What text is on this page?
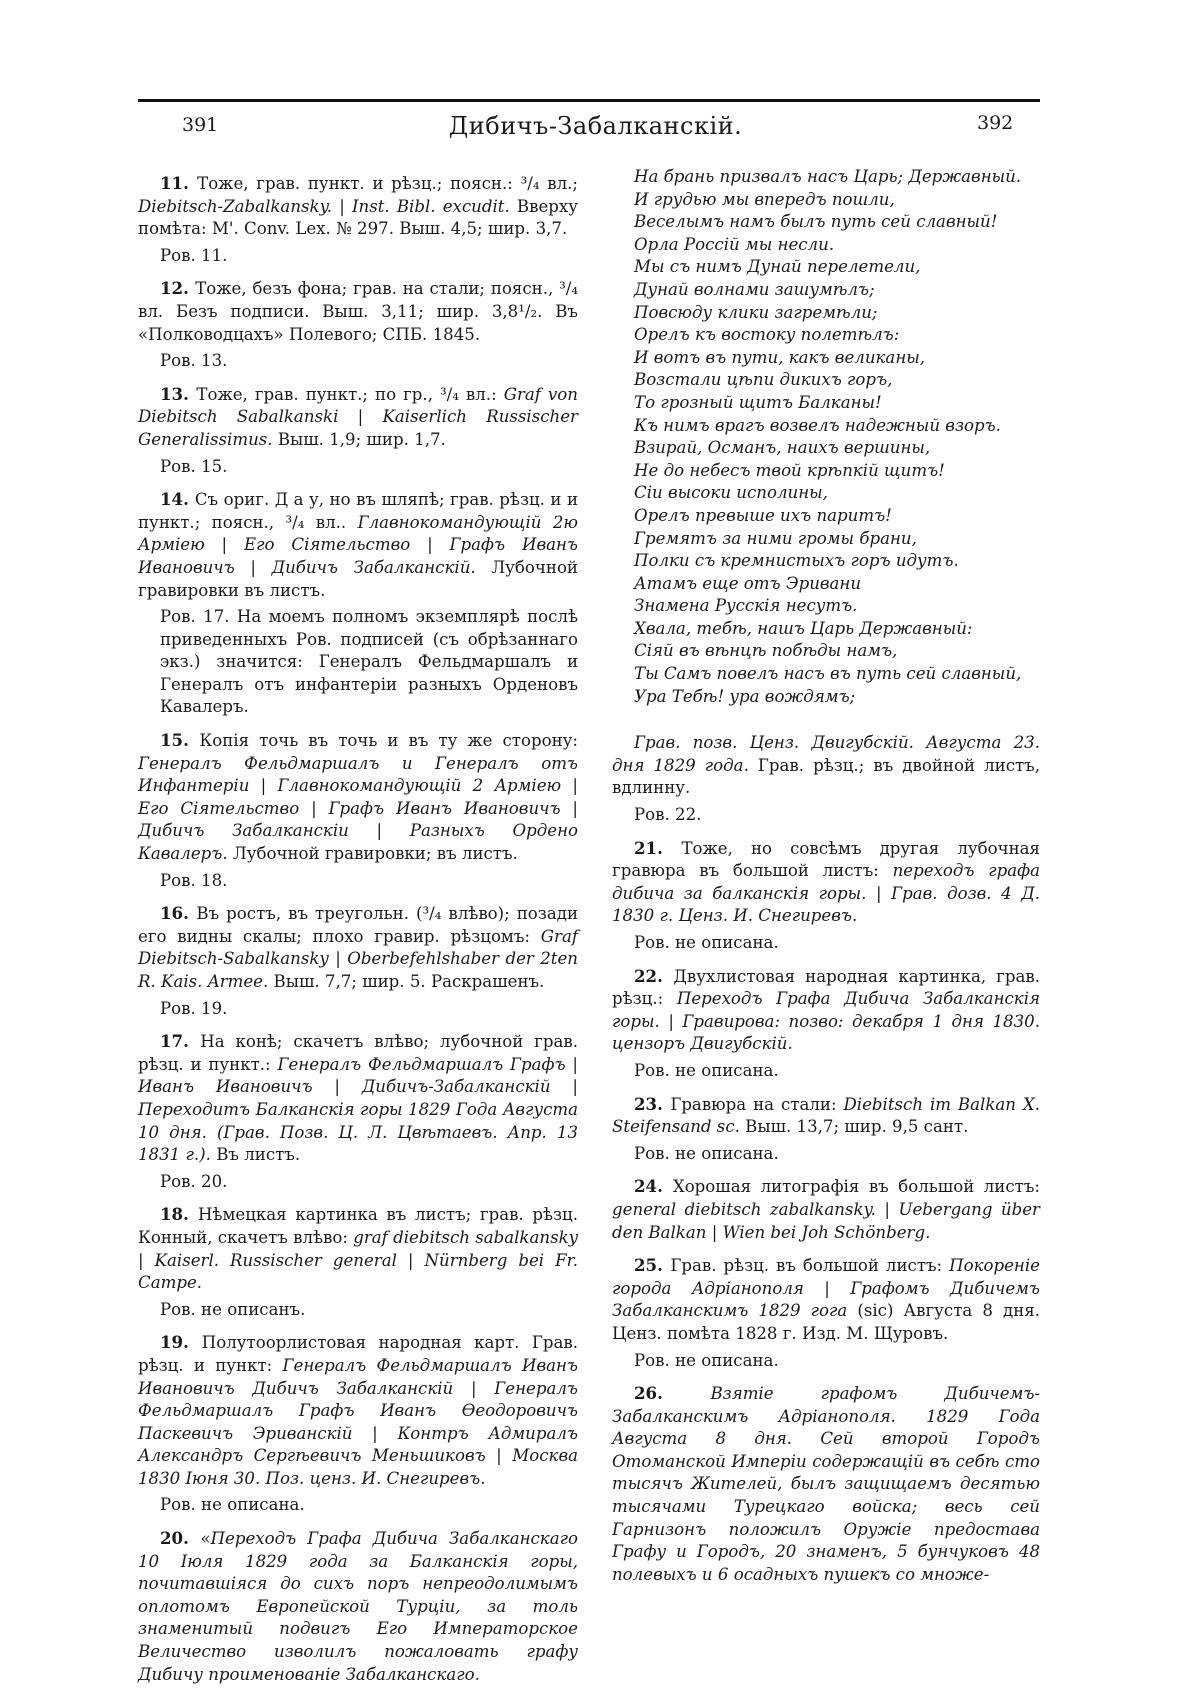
391	Дибичъ-Забалканскій.	392
11. Тоже, грав. пункт. и рѣзц.; поясн.: ³/₄ вл.; Diebitsch-Zabalkansky. | Inst. Bibl. excudit. Вверху помѣта: M'. Conv. Lex. № 297. Выш. 4,5; шир. 3,7.
Ров. 11.
12. Тоже, безъ фона; грав. на стали; поясн., ³/₄ вл. Безъ подписи. Выш. 3,11; шир. 3,8¹/₂. Въ «Полководцахъ» Полевого; СПБ. 1845.
Ров. 13.
13. Тоже, грав. пункт.; по гр., ³/₄ вл.: Graf von Diebitsch Sabalkanski | Kaiserlich Russischer Generalissimus. Выш. 1,9; шир. 1,7.
Ров. 15.
14. Съ ориг. Д а у, но въ шляпѣ; грав. рѣзц. и и пункт.; поясн., ³/₄ вл.. Главнокомандующій 2ю Арміею | Его Сіятельство | Графъ Иванъ Ивановичъ | Дибичъ Забалканскій. Лубочной гравировки въ листъ.
Ров. 17. На моемъ полномъ экземплярѣ послѣ приведенныхъ Ров. подписей (съ обрѣзаннаго экз.) значится: Генералъ Фельдмаршалъ и Генералъ отъ инфантеріи разныхъ Орденовъ Кавалеръ.
15. Копія точь въ точь и въ ту же сторону: Генералъ Фельдмаршалъ и Генералъ отъ Инфантеріи | Главнокомандующій 2 Арміею | Его Сіятельство | Графъ Иванъ Ивановичъ | Дибичъ Забалканскіи | Разныхъ Ордено Кавалеръ. Лубочной гравировки; въ листъ.
Ров. 18.
16. Въ ростъ, въ треугольн. (³/₄ влѣво); позади его видны скалы; плохо гравир. рѣзцомъ: Graf Diebitsch-Sabalkansky | Oberbefehlshaber der 2ten R. Kais. Armee. Выш. 7,7; шир. 5. Раскрашенъ.
Ров. 19.
17. На конѣ; скачетъ влѣво; лубочной грав. рѣзц. и пункт.: Генералъ Фельдмаршалъ Графъ | Иванъ Ивановичъ | Дибичъ-Забалканскій | Переходитъ Балканскія горы 1829 Года Августа 10 дня. (Грав. Позв. Ц. Л. Цвѣтаевъ. Апр. 13 1831 г.). Въ листъ.
Ров. 20.
18. Нѣмецкая картинка въ листъ; грав. рѣзц. Конный, скачетъ влѣво: graf diebitsch sabalkansky | Kaiserl. Russischer general | Nürnberg bei Fr. Campe.
Ров. не описанъ.
19. Полутоорлистовая народная карт. Грав. рѣзц. и пункт: Генералъ Фельдмаршалъ Иванъ Ивановичъ Дибичъ Забалканскій | Генералъ Фельдмаршалъ Графъ Иванъ Ѳеодоровичъ Паскевичъ Эриванскій | Контръ Адмиралъ Александръ Сергѣевичъ Меньшиковъ | Москва 1830 Іюня 30. Поз. ценз. И. Снегиревъ.
Ров. не описана.
20. «Переходъ Графа Дибича Забалканскаго 10 Іюля 1829 года за Балканскія горы, почитавшіяся до сихъ поръ непреодолимымъ оплотомъ Европейской Турціи, за толь знаменитый подвигъ Его Императорское Величество изволилъ пожаловать графу Дибичу проименованіе Забалканскаго.
На брань призвалъ насъ Царь; Державный.
И грудью мы впередъ пошли,
Веселымъ намъ былъ путь сей славный!
Орла Россій мы несли.
Мы съ нимъ Дунай перелетели,
Дунай волнами зашумѣлъ;
Повсюду клики загремѣли;
Орелъ къ востоку полетѣлъ:
И вотъ въ пути, какъ великаны,
Возстали цѣпи дикихъ горъ,
То грозный щитъ Балканы!
Къ нимъ врагъ возвелъ надежный взоръ.
Взирай, Османъ, наихъ вершины,
Не до небесъ твой крѣпкій щитъ!
Сіи высоки исполины,
Орелъ превыше ихъ паритъ!
Гремятъ за ними громы брани,
Полки съ кремнистыхъ горъ идутъ.
Атамъ еще отъ Эривани
Знамена Русскія несутъ.
Хвала, тебѣ, нашъ Царь Державный:
Сіяй въ вѣнцѣ побѣды намъ,
Ты Самъ повелъ насъ въ путь сей славный,
Ура Тебѣ! ура вождямъ;
Грав. позв. Ценз. Двигубскій. Августа 23. дня 1829 года. Грав. рѣзц.; въ двойной листъ, вдлинну.
Ров. 22.
21. Тоже, но совсѣмъ другая лубочная гравюра въ большой листъ: переходъ графа дибича за балканскія горы. | Грав. дозв. 4 Д. 1830 г. Ценз. И. Снегиревъ.
Ров. не описана.
22. Двухлистовая народная картинка, грав. рѣзц.: Переходъ Графа Дибича Забалканскія горы. | Гравирова: позво: декабря 1 дня 1830. цензоръ Двигубскій.
Ров. не описана.
23. Гравюра на стали: Diebitsch im Balkan X. Steifensand sc. Выш. 13,7; шир. 9,5 сант.
Ров. не описана.
24. Хорошая литографія въ большой листъ: general diebitsch zabalkansky. | Uebergang über den Balkan | Wien bei Joh Schönberg.
25. Грав. рѣзц. въ большой листъ: Покореніе города Адріанополя | Графомъ Дибичемъ Забалканскимъ 1829 гога (sic) Августа 8 дня. Ценз. помѣта 1828 г. Изд. М. Щуровъ.
Ров. не описана.
26. Взятіе графомъ Дибичемъ-Забалканскимъ Адріанополя. 1829 Года Августа 8 дня. Сей второй Городъ Отоманской Имперіи содержащій въ себѣ сто тысячъ Жителей, былъ защищаемъ десятью тысячами Турецкаго войска; весь сей Гарнизонъ положилъ Оружіе предостава Графу и Городъ, 20 знаменъ, 5 бунчуковъ 48 полевыхъ и 6 осадныхъ пушекъ со множе-
